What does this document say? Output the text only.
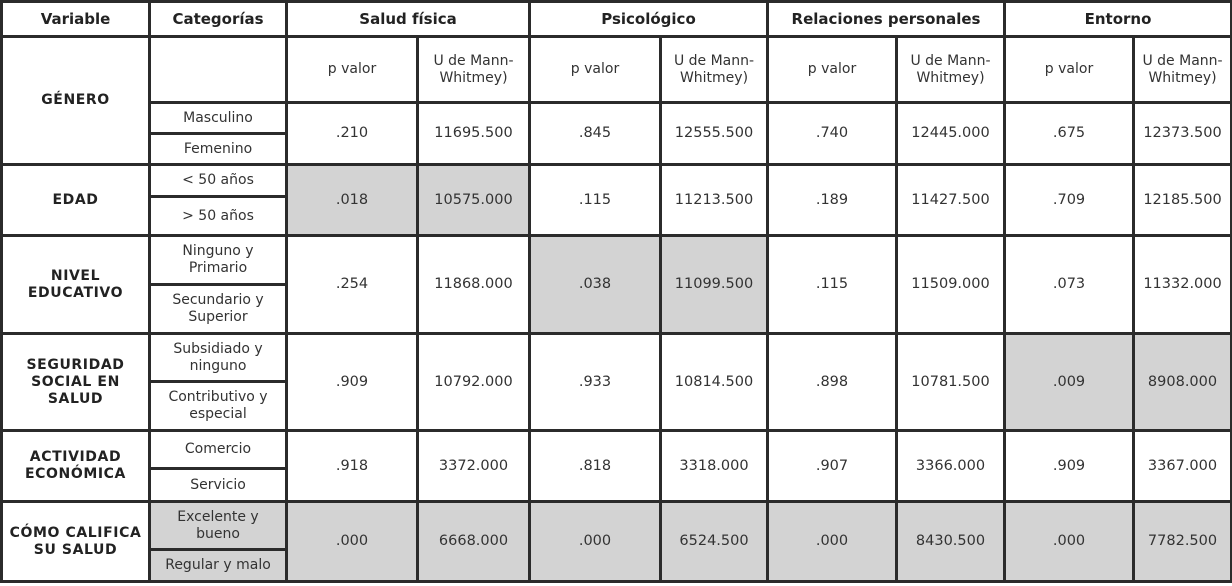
Variable	Categorías	Salud física		Psicológico		Relaciones personales		Entorno	
GÉNERO		p valor	U de Mann-Whitmey)	p valor	U de Mann-Whitmey)	p valor	U de Mann-Whitmey)	p valor	U de Mann-Whitmey)
	Masculino	.210	11695.500	.845	12555.500	.740	12445.000	.675	12373.500
	Femenino								
EDAD	< 50 años	.018	10575.000	.115	11213.500	.189	11427.500	.709	12185.500
	> 50 años								
NIVEL EDUCATIVO	Ninguno y Primario	.254	11868.000	.038	11099.500	.115	11509.000	.073	11332.000
	Secundario y Superior								
SEGURIDAD SOCIAL EN SALUD	Subsidiado y ninguno	.909	10792.000	.933	10814.500	.898	10781.500	.009	8908.000
	Contributivo y especial								
ACTIVIDAD ECONÓMICA	Comercio	.918	3372.000	.818	3318.000	.907	3366.000	.909	3367.000
	Servicio								
CÓMO CALIFICA SU SALUD	Excelente y bueno	.000	6668.000	.000	6524.500	.000	8430.500	.000	7782.500
	Regular y malo								
